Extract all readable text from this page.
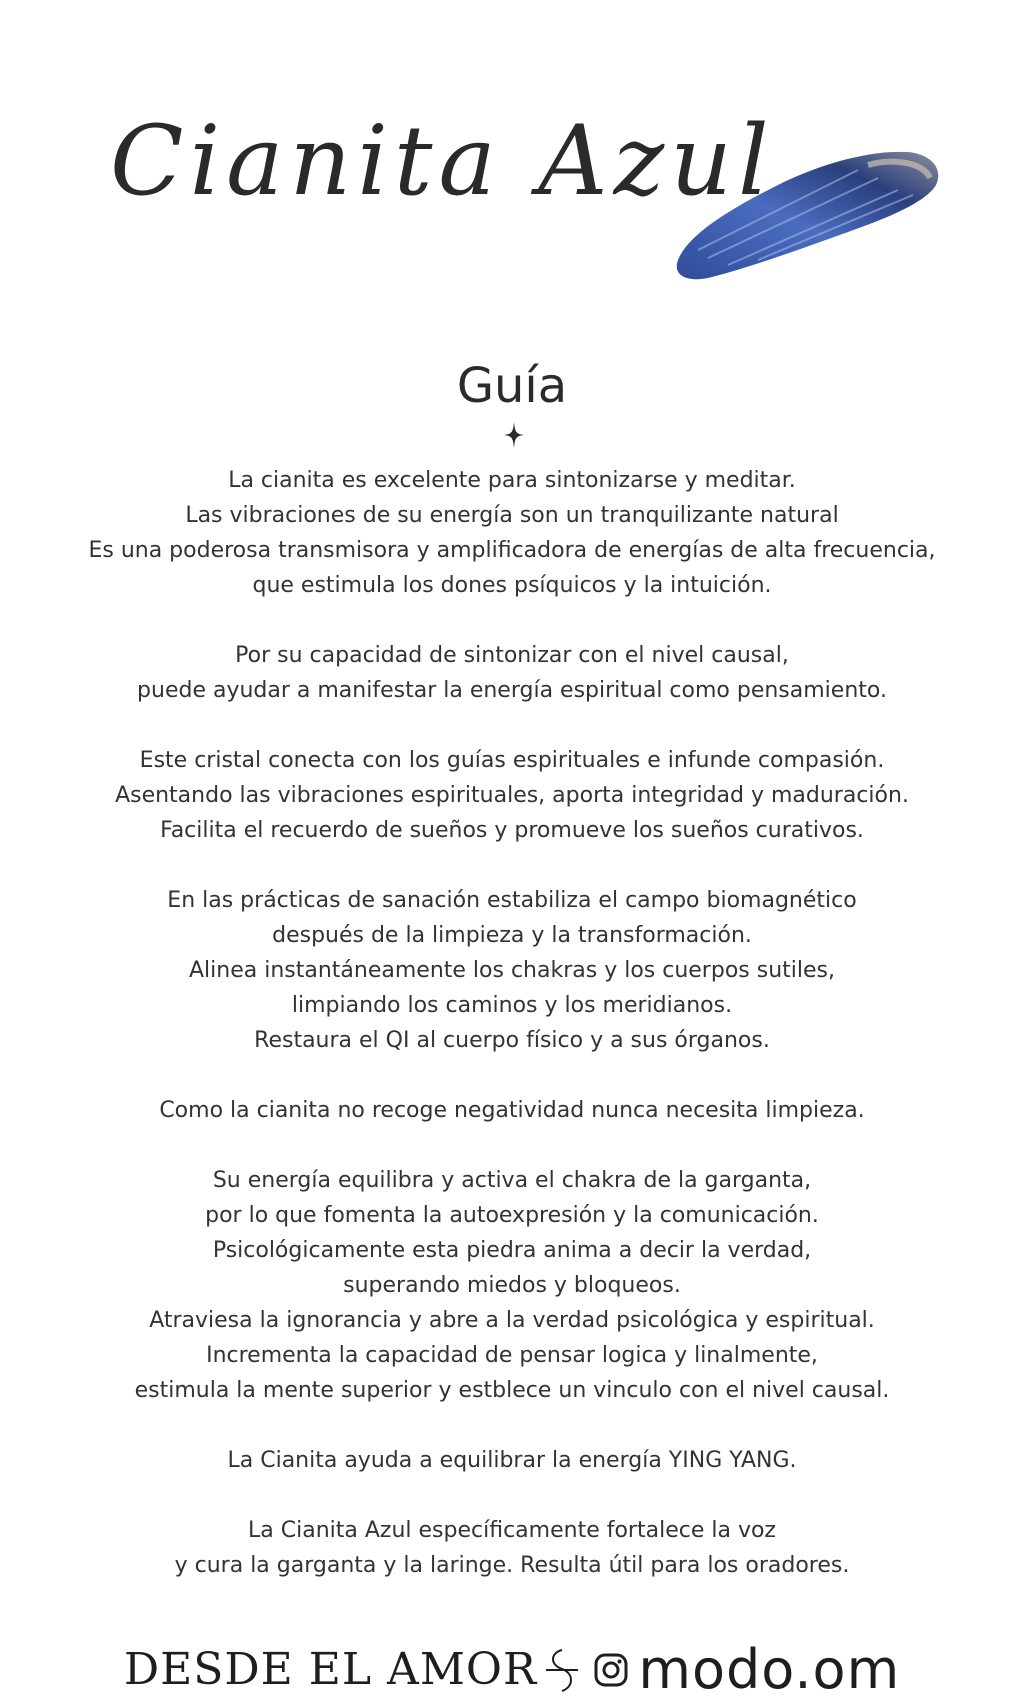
Cianita Azul
Guía

La cianita es excelente para sintonizarse y meditar.
Las vibraciones de su energía son un tranquilizante natural
Es una poderosa transmisora y amplificadora de energías de alta frecuencia,
que estimula los dones psíquicos y la intuición.

Por su capacidad de sintonizar con el nivel causal,
puede ayudar a manifestar la energía espiritual como pensamiento.

Este cristal conecta con los guías espirituales e infunde compasión.
Asentando las vibraciones espirituales, aporta integridad y maduración.
Facilita el recuerdo de sueños y promueve los sueños curativos.

En las prácticas de sanación estabiliza el campo biomagnético
después de la limpieza y la transformación.
Alinea instantáneamente los chakras y los cuerpos sutiles,
limpiando los caminos y los meridianos.
Restaura el QI al cuerpo físico y a sus órganos.

Como la cianita no recoge negatividad nunca necesita limpieza.

Su energía equilibra y activa el chakra de la garganta,
por lo que fomenta la autoexpresión y la comunicación.
Psicológicamente esta piedra anima a decir la verdad,
superando miedos y bloqueos.
Atraviesa la ignorancia y abre a la verdad psicológica y espiritual.
Incrementa la capacidad de pensar logica y linalmente,
estimula la mente superior y estblece un vinculo con el nivel causal.

La Cianita ayuda a equilibrar la energía YING YANG.

La Cianita Azul específicamente fortalece la voz
y cura la garganta y la laringe. Resulta útil para los oradores.

DESDE EL AMOR modo.om
